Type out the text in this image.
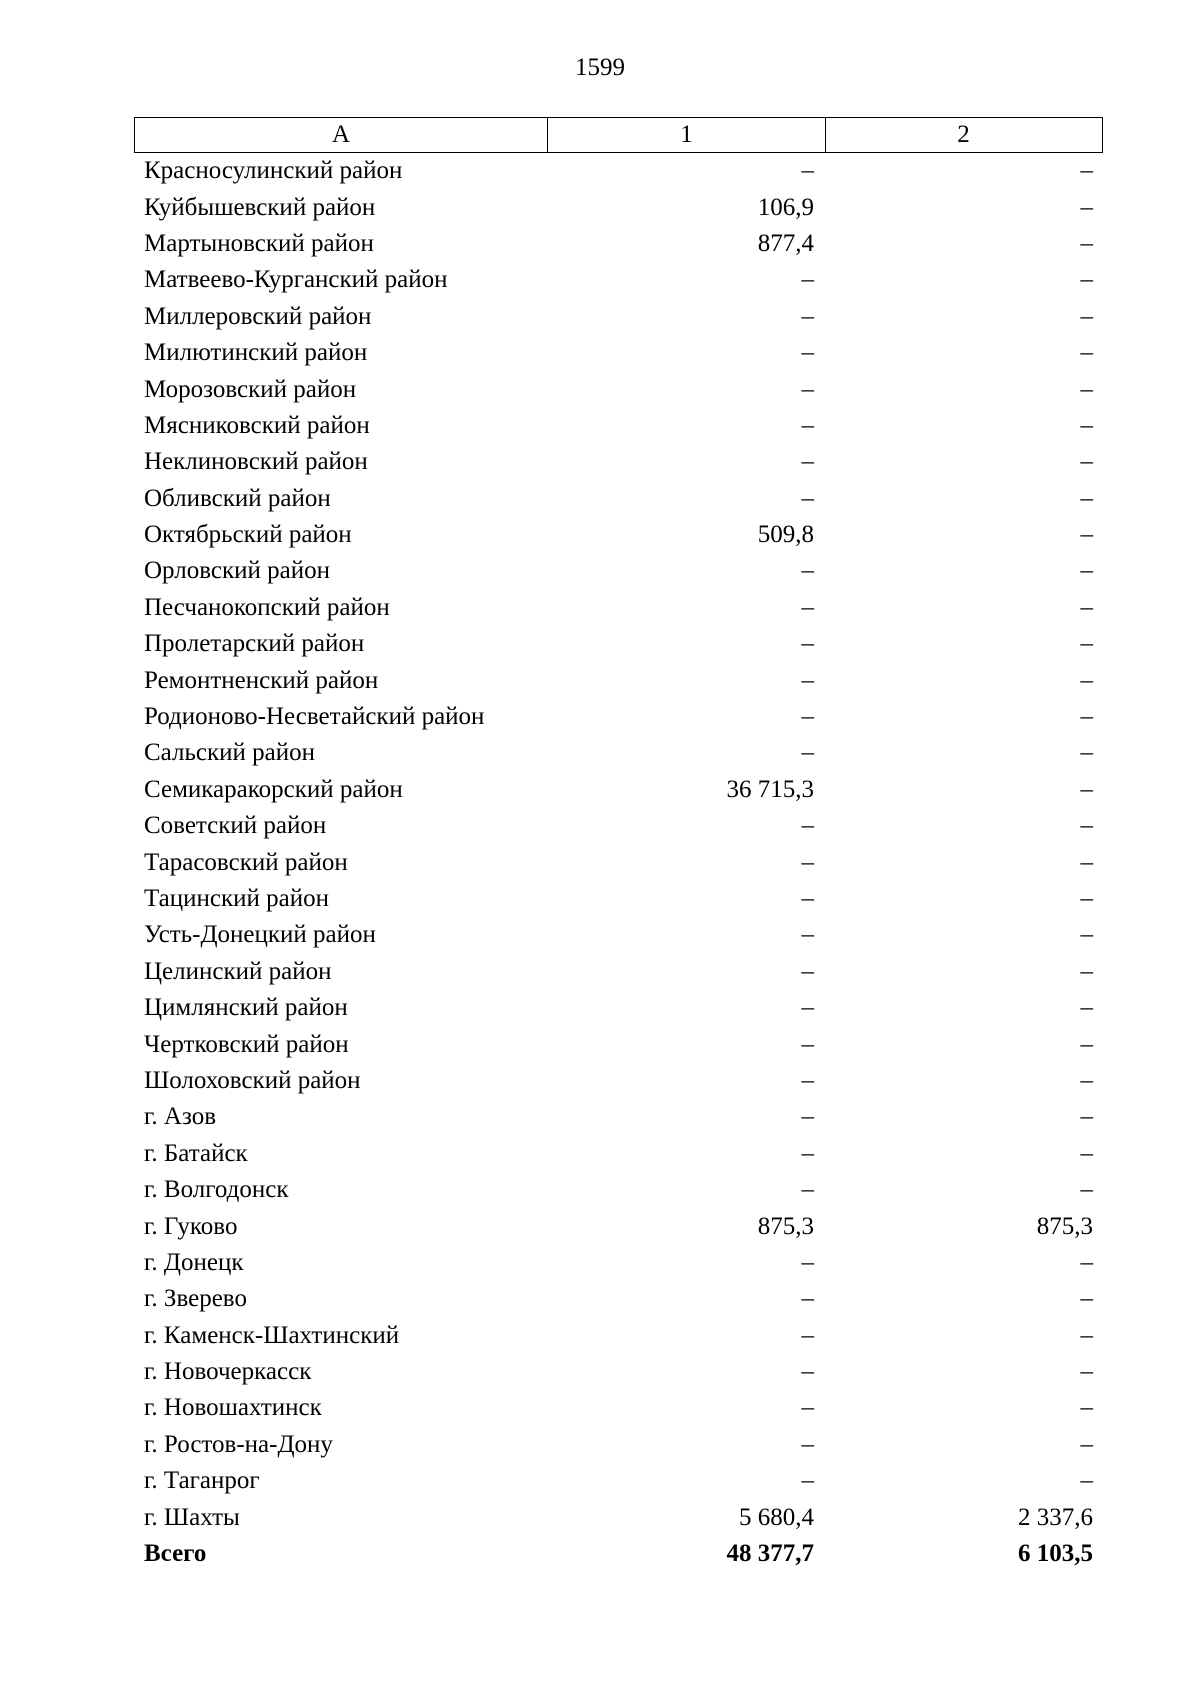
1599
А	1	2
Красносулинский район	–	–
Куйбышевский район	106,9	–
Мартыновский район	877,4	–
Матвеево-Курганский район	–	–
Миллеровский район	–	–
Милютинский район	–	–
Морозовский район	–	–
Мясниковский район	–	–
Неклиновский район	–	–
Обливский район	–	–
Октябрьский район	509,8	–
Орловский район	–	–
Песчанокопский район	–	–
Пролетарский район	–	–
Ремонтненский район	–	–
Родионово-Несветайский район	–	–
Сальский район	–	–
Семикаракорский район	36 715,3	–
Советский район	–	–
Тарасовский район	–	–
Тацинский район	–	–
Усть-Донецкий район	–	–
Целинский район	–	–
Цимлянский район	–	–
Чертковский район	–	–
Шолоховский район	–	–
г. Азов	–	–
г. Батайск	–	–
г. Волгодонск	–	–
г. Гуково	875,3	875,3
г. Донецк	–	–
г. Зверево	–	–
г. Каменск-Шахтинский	–	–
г. Новочеркасск	–	–
г. Новошахтинск	–	–
г. Ростов-на-Дону	–	–
г. Таганрог	–	–
г. Шахты	5 680,4	2 337,6
Всего	48 377,7	6 103,5
